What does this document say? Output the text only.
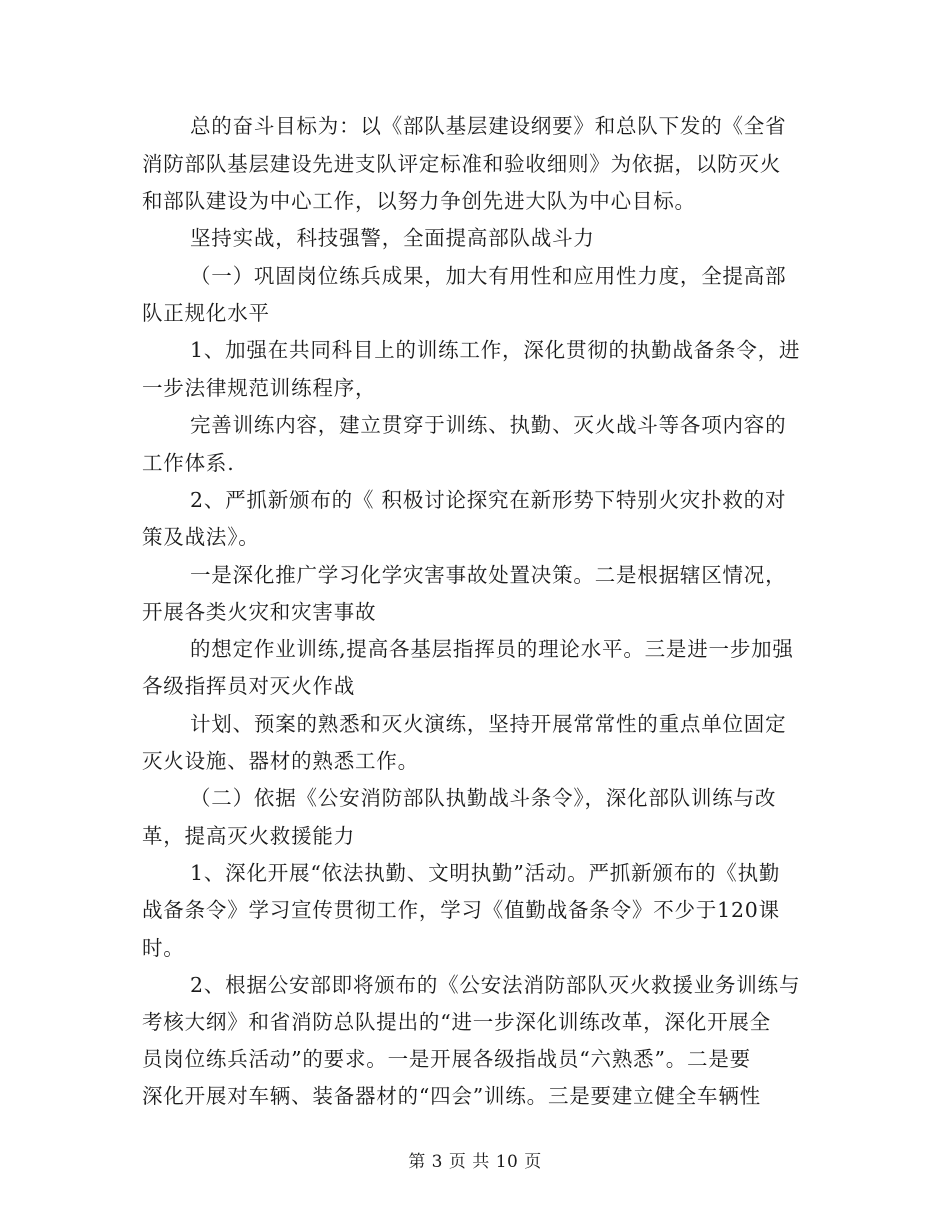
总的奋斗目标为：以《部队基层建设纲要》和总队下发的《全省
消防部队基层建设先进支队评定标准和验收细则》为依据，以防灭火
和部队建设为中心工作，以努力争创先进大队为中心目标。
坚持实战，科技强警，全面提高部队战斗力
（一）巩固岗位练兵成果，加大有用性和应用性力度，全提高部
队正规化水平
1、加强在共同科目上的训练工作，深化贯彻的执勤战备条令，进
一步法律规范训练程序，
完善训练内容，建立贯穿于训练、执勤、灭火战斗等各项内容的
工作体系.
2、严抓新颁布的《 积极讨论探究在新形势下特别火灾扑救的对
策及战法》。
一是深化推广学习化学灾害事故处置决策。二是根据辖区情况，
开展各类火灾和灾害事故
的想定作业训练,提高各基层指挥员的理论水平。三是进一步加强
各级指挥员对灭火作战
计划、预案的熟悉和灭火演练，坚持开展常常性的重点单位固定
灭火设施、器材的熟悉工作。
（二）依据《公安消防部队执勤战斗条令》，深化部队训练与改
革，提高灭火救援能力
1、深化开展“依法执勤、文明执勤”活动。严抓新颁布的《执勤
战备条令》学习宣传贯彻工作，学习《值勤战备条令》不少于120课
时。
2、根据公安部即将颁布的《公安法消防部队灭火救援业务训练与
考核大纲》和省消防总队提出的“进一步深化训练改革，深化开展全
员岗位练兵活动”的要求。一是开展各级指战员“六熟悉”。二是要
深化开展对车辆、装备器材的“四会”训练。三是要建立健全车辆性
第 3 页 共 10 页
